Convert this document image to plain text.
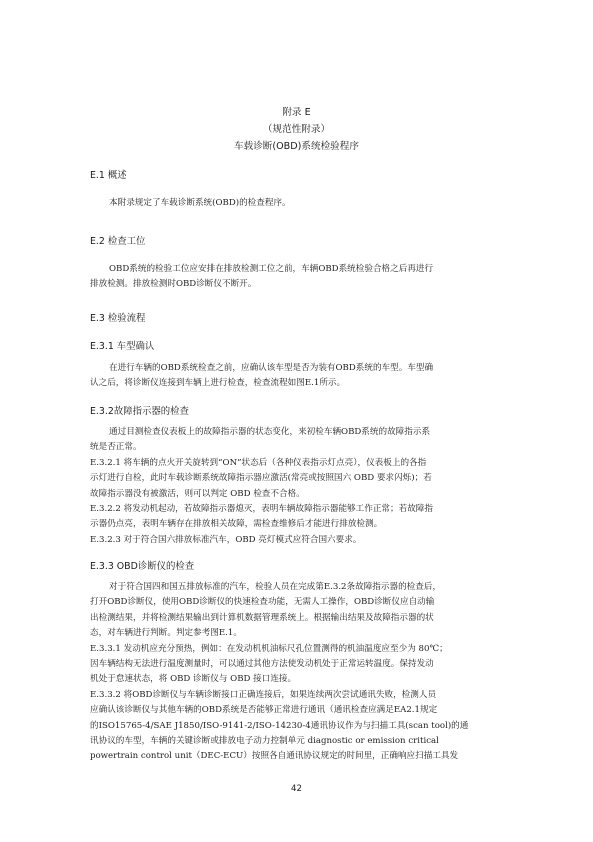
附录 E
（规范性附录）
车载诊断(OBD)系统检验程序
E.1 概述

本附录规定了车载诊断系统(OBD)的检查程序。

E.2 检查工位

OBD系统的检验工位应安排在排放检测工位之前，车辆OBD系统检验合格之后再进行
排放检测。排放检测时OBD诊断仪不断开。

E.3 检验流程
E.3.1 车型确认

在进行车辆的OBD系统检查之前，应确认该车型是否为装有OBD系统的车型。车型确
认之后，将诊断仪连接到车辆上进行检查，检查流程如图E.1所示。

E.3.2故障指示器的检查

通过目测检查仪表板上的故障指示器的状态变化，来初检车辆OBD系统的故障指示系
统是否正常。
E.3.2.1 将车辆的点火开关旋转到“ON”状态后（各种仪表指示灯点亮），仪表板上的各指
示灯进行自检，此时车载诊断系统故障指示器应激活(常亮或按照国六 OBD 要求闪烁)；若
故障指示器没有被激活，则可以判定 OBD 检查不合格。
E.3.2.2 将发动机起动，若故障指示器熄灭，表明车辆故障指示器能够工作正常；若故障指
示器仍点亮，表明车辆存在排放相关故障，需检查维修后才能进行排放检测。
E.3.2.3 对于符合国六排放标准汽车，OBD 亮灯模式应符合国六要求。

E.3.3 OBD诊断仪的检查

对于符合国四和国五排放标准的汽车，检验人员在完成第E.3.2条故障指示器的检查后，
打开OBD诊断仪，使用OBD诊断仪的快速检查功能，无需人工操作，OBD诊断仪应自动输
出检测结果，并将检测结果输出到计算机数据管理系统上。根据输出结果及故障指示器的状
态，对车辆进行判断。判定参考图E.1。
E.3.3.1 发动机应充分预热，例如：在发动机机油标尺孔位置测得的机油温度应至少为 80℃；
因车辆结构无法进行温度测量时，可以通过其他方法使发动机处于正常运转温度。保持发动
机处于怠速状态，将 OBD 诊断仪与 OBD 接口连接。
E.3.3.2 将OBD诊断仪与车辆诊断接口正确连接后，如果连续两次尝试通讯失败，检测人员
应确认该诊断仪与其他车辆的OBD系统是否能够正常进行通讯（通讯检查应满足EA2.1规定
的ISO15765-4/SAE J1850/ISO-9141-2/ISO-14230-4通讯协议作为与扫描工具(scan tool)的通
讯协议的车型，车辆的关键诊断或排放电子动力控制单元 diagnostic or emission critical
powertrain control unit（DEC-ECU）按照各自通讯协议规定的时间里，正确响应扫描工具发

42
